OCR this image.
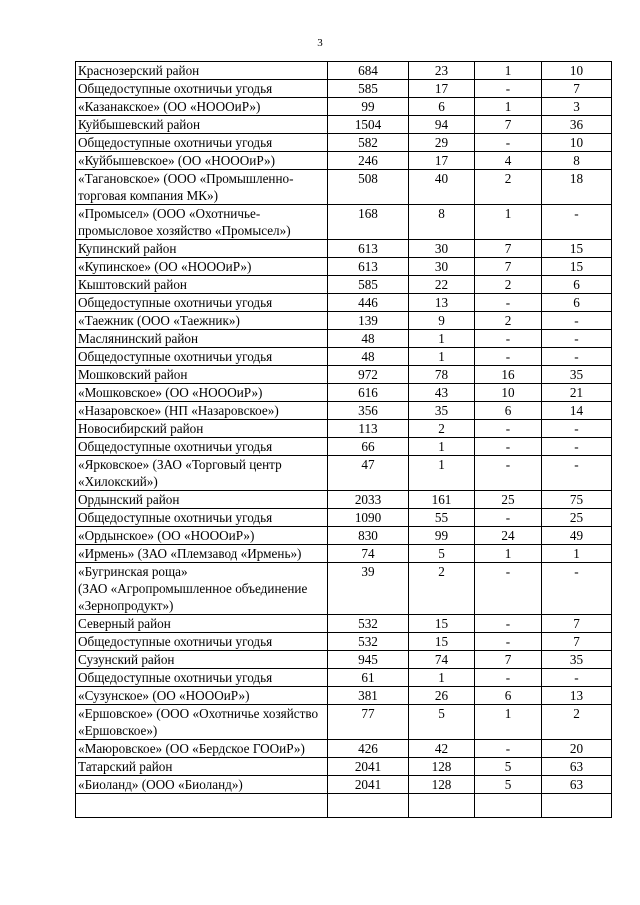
3
Краснозерский район	684	23	1	10
Общедоступные охотничьи угодья	585	17	-	7
«Казанакское» (ОО «НОООиР»)	99	6	1	3
Куйбышевский район	1504	94	7	36
Общедоступные охотничьи угодья	582	29	-	10
«Куйбышевское» (ОО «НОООиР»)	246	17	4	8
«Тагановское» (ООО «Промышленно-торговая компания МК»)	508	40	2	18
«Промысел» (ООО «Охотничье-промысловое хозяйство «Промысел»)	168	8	1	-
Купинский район	613	30	7	15
«Купинское» (ОО «НОООиР»)	613	30	7	15
Кыштовский район	585	22	2	6
Общедоступные охотничьи угодья	446	13	-	6
«Таежник (ООО «Таежник»)	139	9	2	-
Маслянинский район	48	1	-	-
Общедоступные охотничьи угодья	48	1	-	-
Мошковский район	972	78	16	35
«Мошковское» (ОО «НОООиР»)	616	43	10	21
«Назаровское» (НП «Назаровское»)	356	35	6	14
Новосибирский район	113	2	-	-
Общедоступные охотничьи угодья	66	1	-	-
«Ярковское» (ЗАО «Торговый центр «Хилокский»)	47	1	-	-
Ордынский район	2033	161	25	75
Общедоступные охотничьи угодья	1090	55	-	25
«Ордынское» (ОО «НОООиР»)	830	99	24	49
«Ирмень» (ЗАО «Племзавод «Ирмень»)	74	5	1	1
«Бугринская роща»
(ЗАО «Агропромышленное объединение «Зернопродукт»)	39	2	-	-
Северный район	532	15	-	7
Общедоступные охотничьи угодья	532	15	-	7
Сузунский район	945	74	7	35
Общедоступные охотничьи угодья	61	1	-	-
«Сузунское» (ОО «НОООиР»)	381	26	6	13
«Ершовское» (ООО «Охотничье хозяйство «Ершовское»)	77	5	1	2
«Маюровское» (ОО «Бердское ГООиР»)	426	42	-	20
Татарский район	2041	128	5	63
«Биоланд» (ООО «Биоланд»)	2041	128	5	63
